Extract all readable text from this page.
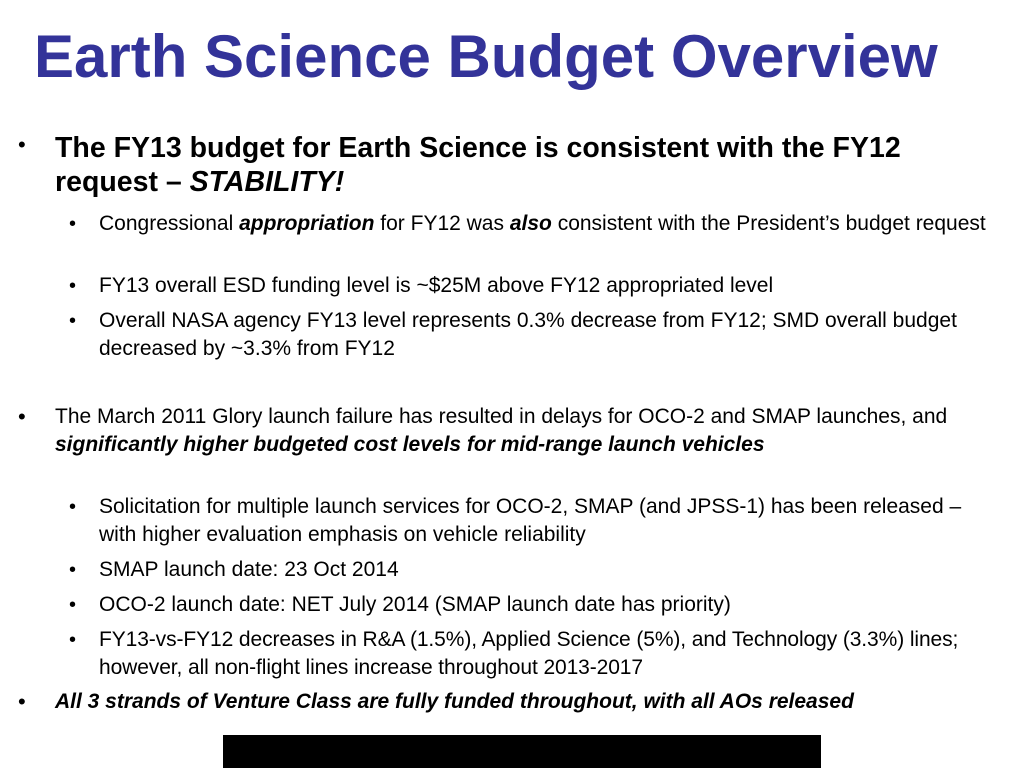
Earth Science Budget Overview
• The FY13 budget for Earth Science is consistent with the FY12 request – STABILITY!
• Congressional appropriation for FY12 was also consistent with the President’s budget request
• FY13 overall ESD funding level is ~$25M above FY12 appropriated level
• Overall NASA agency FY13 level represents 0.3% decrease from FY12; SMD overall budget decreased by ~3.3% from FY12
• The March 2011 Glory launch failure has resulted in delays for OCO-2 and SMAP launches, and significantly higher budgeted cost levels for mid-range launch vehicles
• Solicitation for multiple launch services for OCO-2, SMAP (and JPSS-1) has been released – with higher evaluation emphasis on vehicle reliability
• SMAP launch date: 23 Oct 2014
• OCO-2 launch date: NET July 2014 (SMAP launch date has priority)
• FY13-vs-FY12 decreases in R&A (1.5%), Applied Science (5%), and Technology (3.3%) lines; however, all non-flight lines increase throughout 2013-2017
• All 3 strands of Venture Class are fully funded throughout, with all AOs released
